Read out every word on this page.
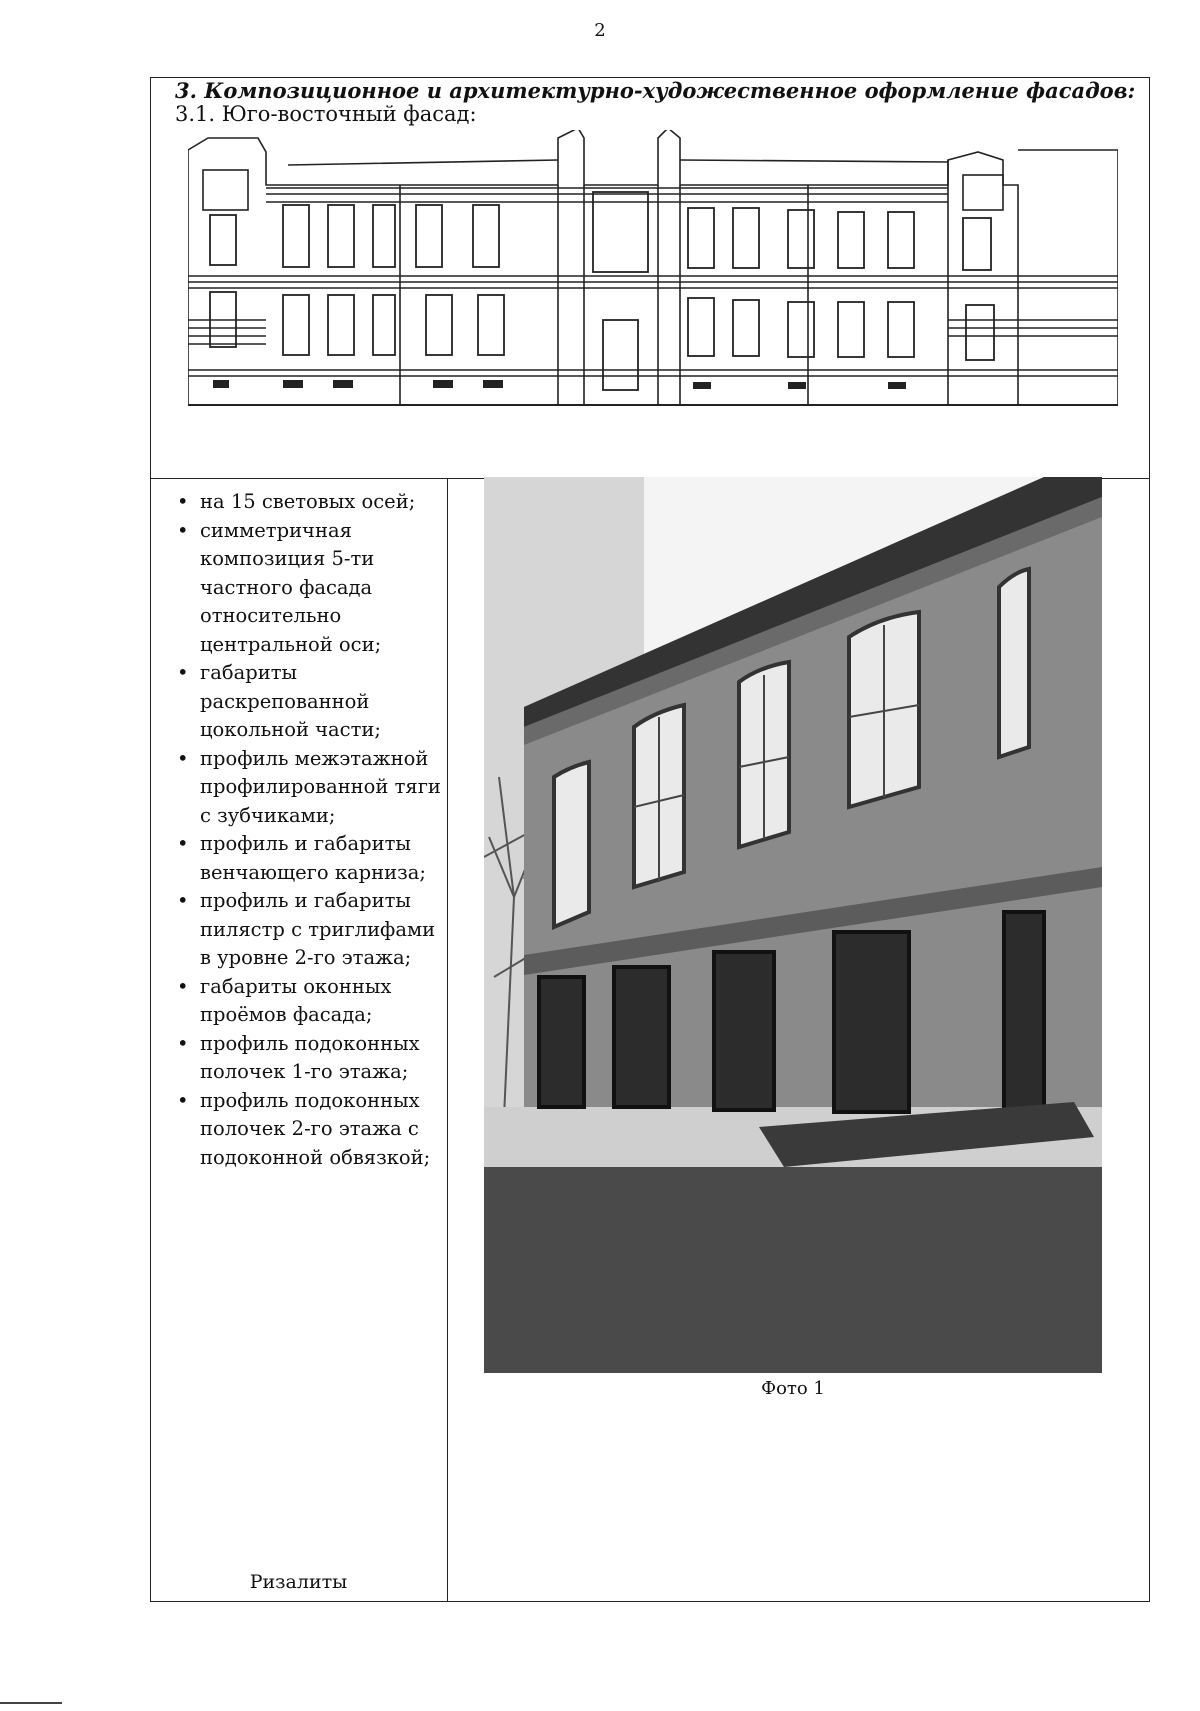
2
3. Композиционное и архитектурно-художественное оформление фасадов:
3.1. Юго-восточный фасад:
• на 15 световых осей;
• симметричная композиция 5-ти частного фасада относительно центральной оси;
• габариты раскрепованной цокольной части;
• профиль межэтажной профилированной тяги с зубчиками;
• профиль и габариты венчающего карниза;
• профиль и габариты пилястр с триглифами в уровне 2-го этажа;
• габариты оконных проёмов фасада;
• профиль подоконных полочек 1-го этажа;
• профиль подоконных полочек 2-го этажа с подоконной обвязкой;
Фото 1
Ризалиты
